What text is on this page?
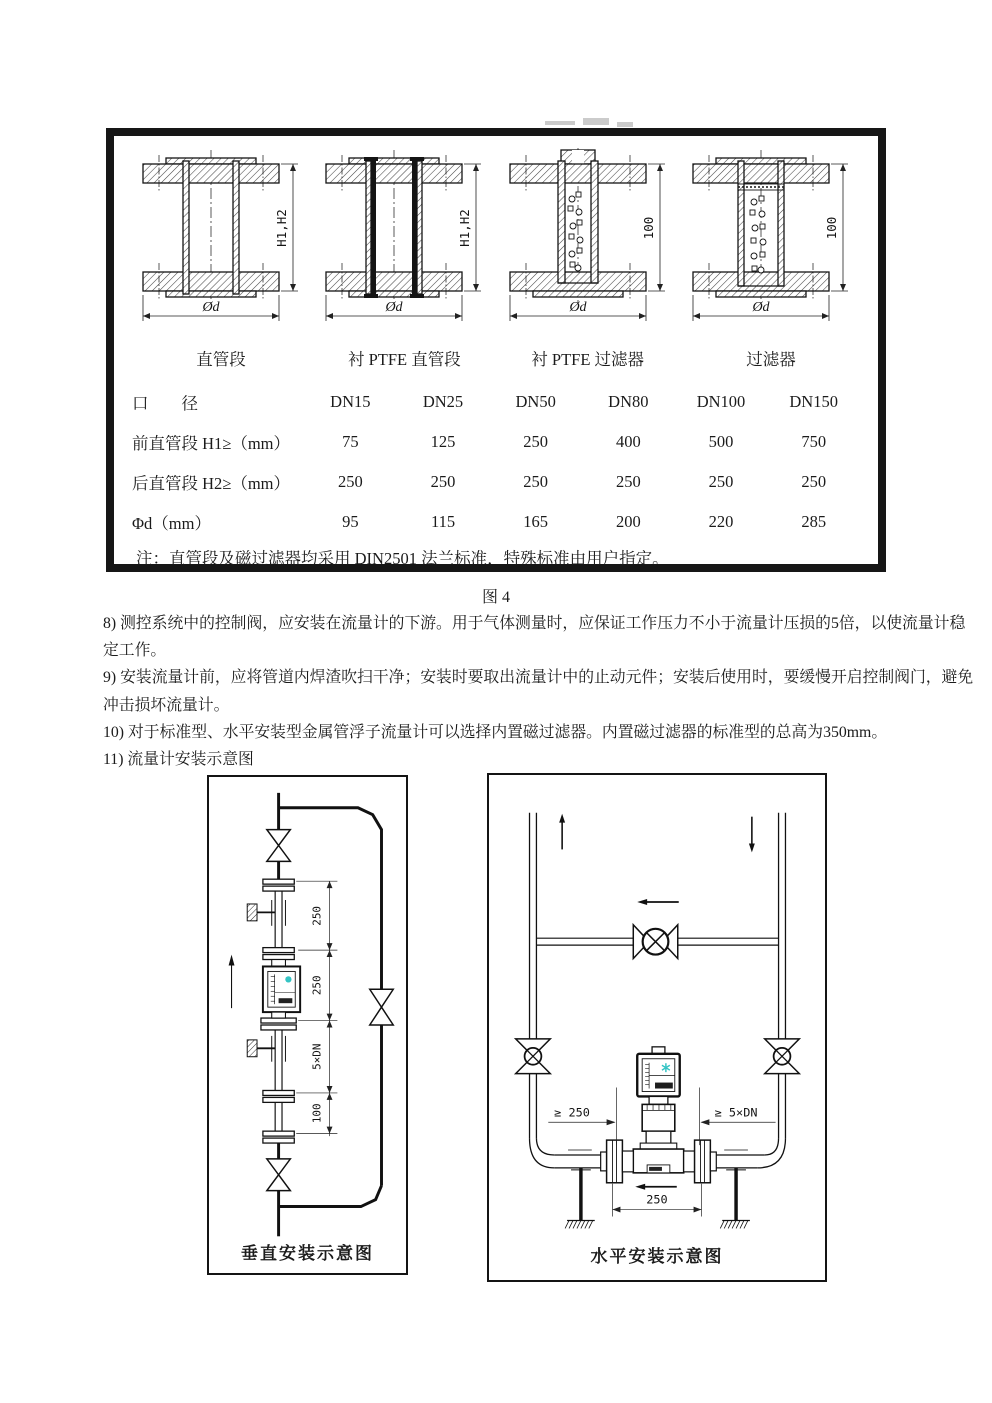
H1,H2
Ød
H1,H2
Ød
100
Ød
100
Ød
直管段	衬 PTFE 直管段	衬 PTFE 过滤器	过滤器
口　　径	DN15	DN25	DN50	DN80	DN100	DN150
前直管段 H1≥（mm）	75	125	250	400	500	750
后直管段 H2≥（mm）	250	250	250	250	250	250
Φd（mm）	95	115	165	200	220	285
注：直管段及磁过滤器均采用 DIN2501 法兰标准，特殊标准由用户指定。
图 4
8) 测控系统中的控制阀，应安装在流量计的下游。用于气体测量时，应保证工作压力不小于流量计压损的5倍，以使流量计稳
定工作。
9) 安装流量计前，应将管道内焊渣吹扫干净；安装时要取出流量计中的止动元件；安装后使用时，要缓慢开启控制阀门，避免
冲击损坏流量计。
10) 对于标准型、水平安装型金属管浮子流量计可以选择内置磁过滤器。内置磁过滤器的标准型的总高为350mm。
11) 流量计安装示意图
250
250
5×DN
100
垂直安装示意图
≥ 250	≥ 5×DN
250
水平安装示意图
